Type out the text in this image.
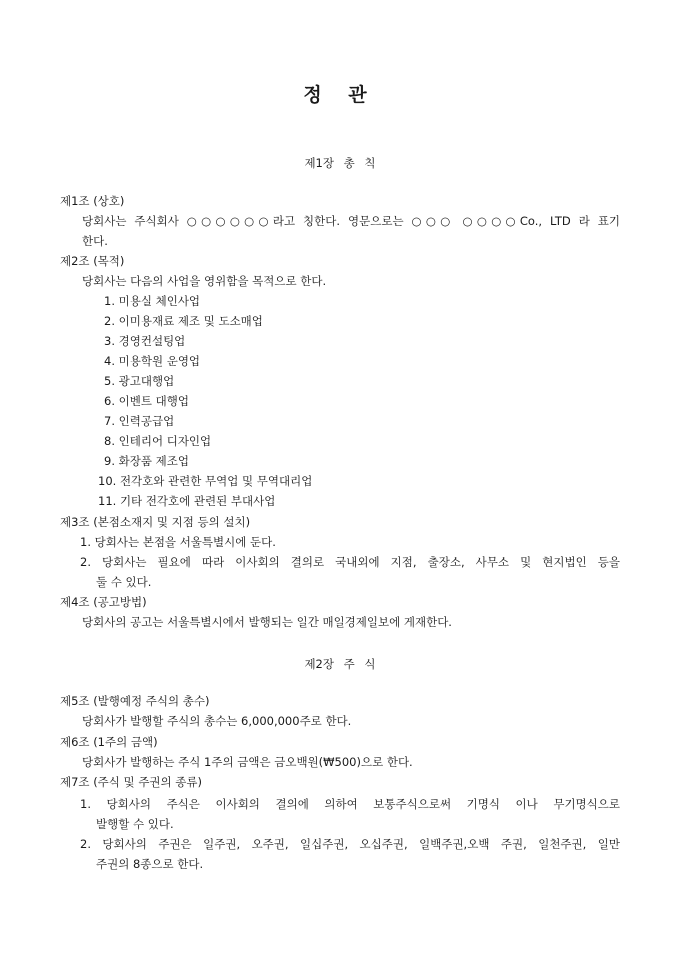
정 관
제1장 총 칙
제1조 (상호)
당회사는 주식회사 ○○○○○○라고 칭한다. 영문으로는 ○○○ ○○○○Co., LTD 라 표기
한다.
제2조 (목적)
당회사는 다음의 사업을 영위함을 목적으로 한다.
1. 미용실 체인사업
2. 이미용재료 제조 및 도소매업
3. 경영컨설팅업
4. 미용학원 운영업
5. 광고대행업
6. 이벤트 대행업
7. 인력공급업
8. 인테리어 디자인업
9. 화장품 제조업
10. 전각호와 관련한 무역업 및 무역대리업
11. 기타 전각호에 관련된 부대사업
제3조 (본점소재지 및 지점 등의 설치)
1. 당회사는 본점을 서울특별시에 둔다.
2. 당회사는 필요에 따라 이사회의 결의로 국내외에 지점, 출장소, 사무소 및 현지법인 등을
둘 수 있다.
제4조 (공고방법)
당회사의 공고는 서울특별시에서 발행되는 일간 매일경제일보에 게재한다.
제2장 주 식
제5조 (발행예정 주식의 총수)
당회사가 발행할 주식의 총수는 6,000,000주로 한다.
제6조 (1주의 금액)
당회사가 발행하는 주식 1주의 금액은 금오백원(₩500)으로 한다.
제7조 (주식 및 주권의 종류)
1. 당회사의 주식은 이사회의 결의에 의하여 보통주식으로써 기명식 이나 무기명식으로
발행할 수 있다.
2. 당회사의 주권은 일주권, 오주권, 일십주권, 오십주권, 일백주권,오백 주권, 일천주권, 일만
주권의 8종으로 한다.
